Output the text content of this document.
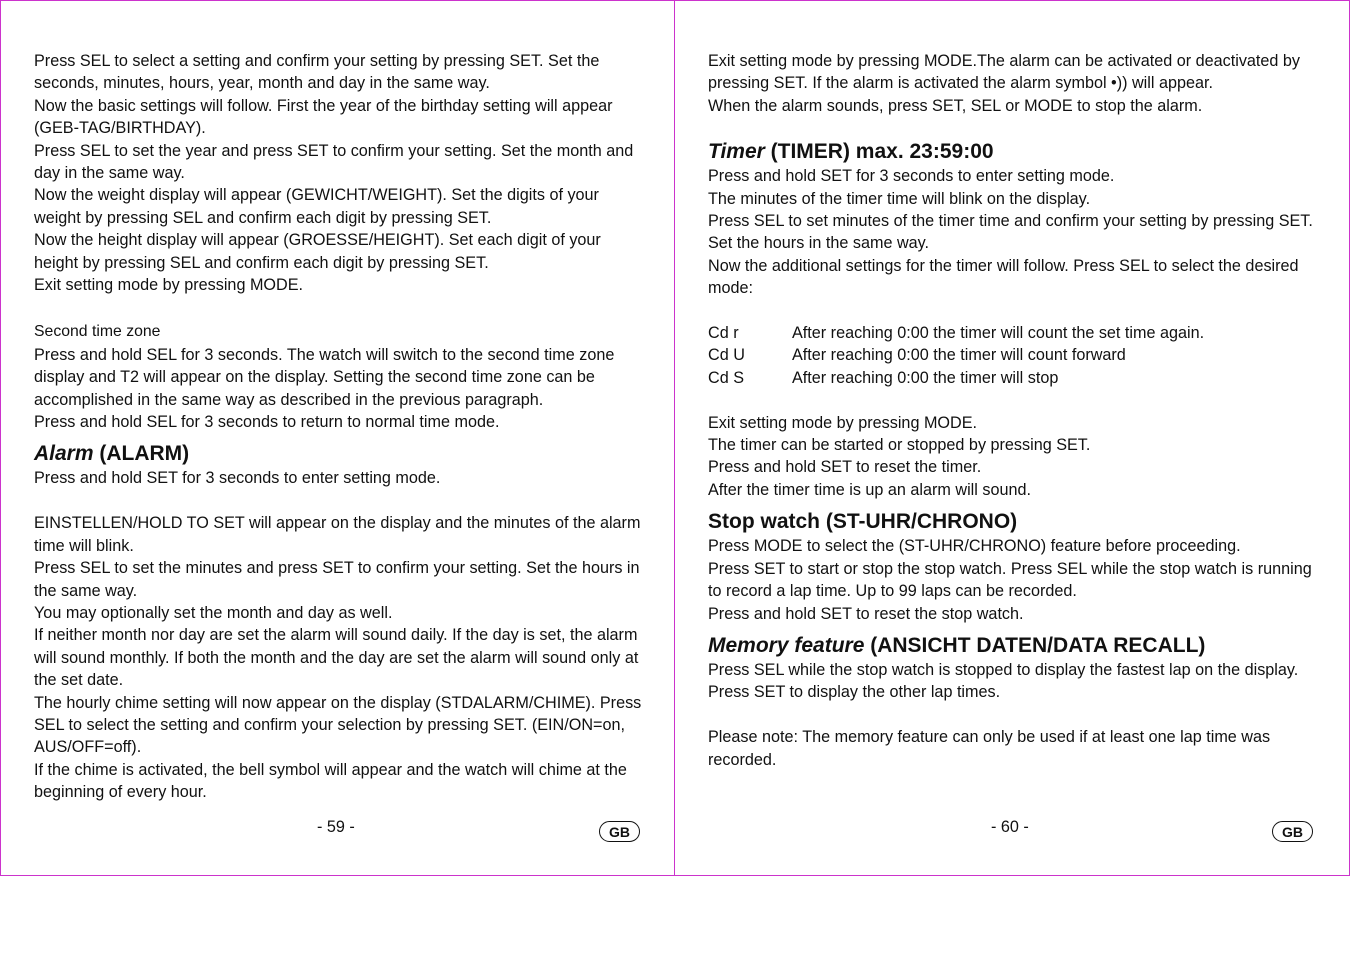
Press SEL to select a setting and confirm your setting by pressing SET. Set the seconds, minutes, hours, year, month and day in the same way.

Now the basic settings will follow. First the year of the birthday setting will appear (GEB-TAG/BIRTHDAY).

Press SEL to set the year and press SET to confirm your setting. Set the month and day in the same way.

Now the weight display will appear (GEWICHT/WEIGHT). Set the digits of your weight by pressing SEL and confirm each digit by pressing SET.

Now the height display will appear (GROESSE/HEIGHT). Set each digit of your height by pressing SEL and confirm each digit by pressing SET.

Exit setting mode by pressing MODE.

Second time zone

Press and hold SEL for 3 seconds. The watch will switch to the second time zone display and T2 will appear on the display. Setting the second time zone can be accomplished in the same way as described in the previous paragraph.

Press and hold SEL for 3 seconds to return to normal time mode.

Alarm (ALARM)

Press and hold SET for 3 seconds to enter setting mode.

EINSTELLEN/HOLD TO SET will appear on the display and the minutes of the alarm time will blink.

Press SEL to set the minutes and press SET to confirm your setting. Set the hours in the same way.

You may optionally set the month and day as well.

If neither month nor day are set the alarm will sound daily. If the day is set, the alarm will sound monthly. If both the month and the day are set the alarm will sound only at the set date.

The hourly chime setting will now appear on the display (STDALARM/CHIME). Press SEL to select the setting and confirm your selection by pressing SET. (EIN/ON=on, AUS/OFF=off).

If the chime is activated, the bell symbol will appear and the watch will chime at the beginning of every hour.

- 59 -	GB

Exit setting mode by pressing MODE.The alarm can be activated or deactivated by pressing SET. If the alarm is activated the alarm symbol •)) will appear.

When the alarm sounds, press SET, SEL or MODE to stop the alarm.

Timer (TIMER) max. 23:59:00

Press and hold SET for 3 seconds to enter setting mode.

The minutes of the timer time will blink on the display.

Press SEL to set minutes of the timer time and confirm your setting by pressing SET. Set the hours in the same way.

Now the additional settings for the timer will follow. Press SEL to select the desired mode:

Cd r	After reaching 0:00 the timer will count the set time again.
Cd U	After reaching 0:00 the timer will count forward
Cd S	After reaching 0:00 the timer will stop

Exit setting mode by pressing MODE.

The timer can be started or stopped by pressing SET.

Press and hold SET to reset the timer.

After the timer time is up an alarm will sound.

Stop watch (ST-UHR/CHRONO)

Press MODE to select the (ST-UHR/CHRONO) feature before proceeding.

Press SET to start or stop the stop watch. Press SEL while the stop watch is running to record a lap time. Up to 99 laps can be recorded.

Press and hold SET to reset the stop watch.

Memory feature (ANSICHT DATEN/DATA RECALL)

Press SEL while the stop watch is stopped to display the fastest lap on the display.

Press SET to display the other lap times.

Please note: The memory feature can only be used if at least one lap time was recorded.

- 60 -	GB
